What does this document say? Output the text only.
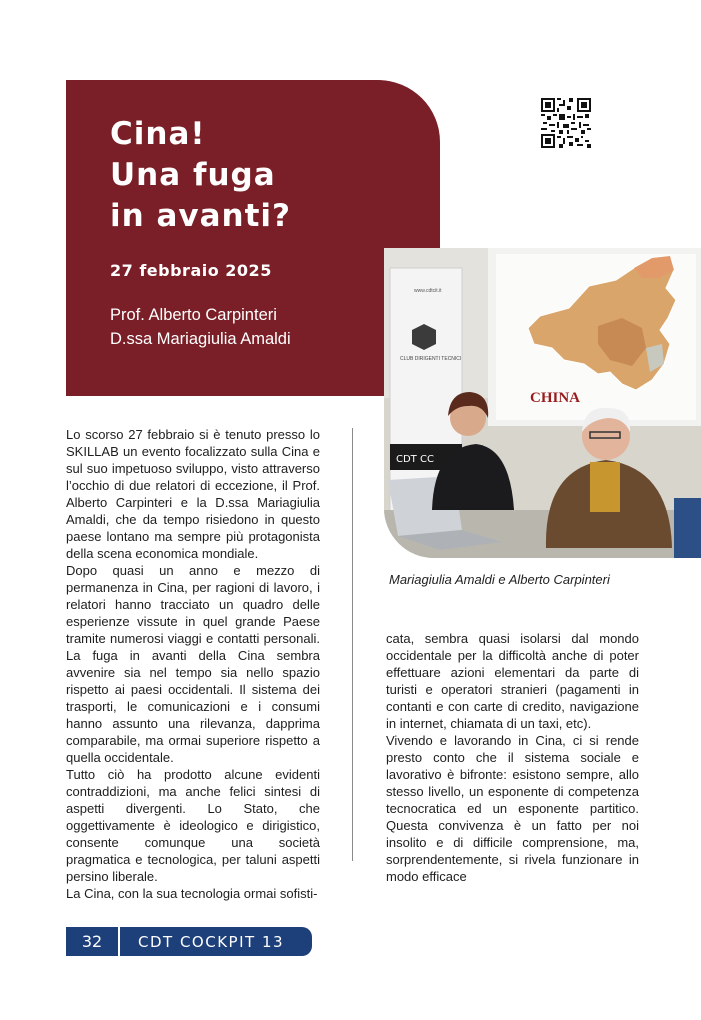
Cina!
Una fuga
in avanti?
27 febbraio 2025
Prof. Alberto Carpinteri
D.ssa Mariagiulia Amaldi
CHINA
www.cdtcit.it
CLUB DIRIGENTI TECNICI
CDT CC
Mariagiulia Amaldi e Alberto Carpinteri

Lo scorso 27 febbraio si è tenuto presso lo SKILLAB un evento focalizzato sulla Cina e sul suo impetuoso sviluppo, visto attraverso l’occhio di due relatori di eccezione, il Prof. Alberto Carpinteri e la D.ssa Mariagiulia Amaldi, che da tempo risiedono in questo paese lontano ma sempre più protagonista della scena economica mondiale.

Dopo quasi un anno e mezzo di permanenza in Cina, per ragioni di lavoro, i relatori hanno tracciato un quadro delle esperienze vissute in quel grande Paese tramite numerosi viaggi e contatti personali. La fuga in avanti della Cina sembra avvenire sia nel tempo sia nello spazio rispetto ai paesi occidentali. Il sistema dei trasporti, le comunicazioni e i consumi hanno assunto una rilevanza, dapprima comparabile, ma ormai superiore rispetto a quella occidentale.

Tutto ciò ha prodotto alcune evidenti contraddizioni, ma anche felici sintesi di aspetti divergenti. Lo Stato, che oggettivamente è ideologico e dirigistico, consente comunque una società pragmatica e tecnologica, per taluni aspetti persino liberale.

La Cina, con la sua tecnologia ormai sofisti-

cata, sembra quasi isolarsi dal mondo occidentale per la difficoltà anche di poter effettuare azioni elementari da parte di turisti e operatori stranieri (pagamenti in contanti e con carte di credito, navigazione in internet, chiamata di un taxi, etc).

Vivendo e lavorando in Cina, ci si rende presto conto che il sistema sociale e lavorativo è bifronte: esistono sempre, allo stesso livello, un esponente di competenza tecnocratica ed un esponente partitico. Questa convivenza è un fatto per noi insolito e di difficile comprensione, ma, sorprendentemente, si rivela funzionare in modo efficace

32	CDT COCKPIT 13
